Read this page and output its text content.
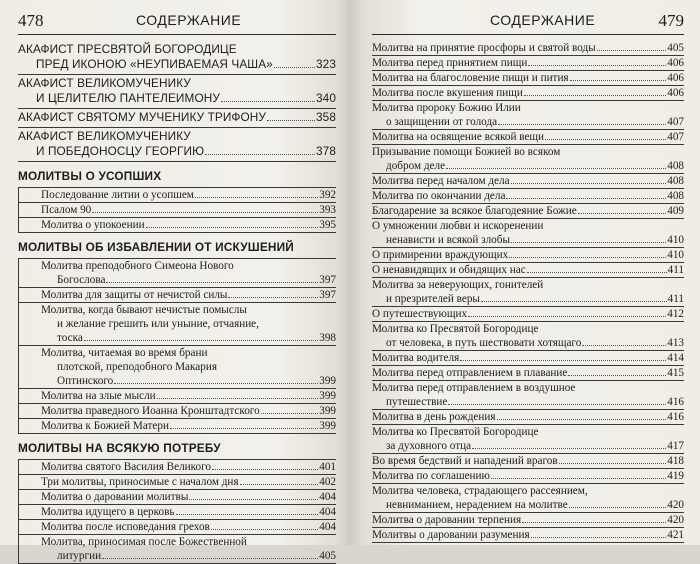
478	СОДЕРЖАНИЕ
АКАФИСТ ПРЕСВЯТОЙ БОГОРОДИЦЕ
ПРЕД ИКОНОЮ «НЕУПИВАЕМАЯ ЧАША»	323
АКАФИСТ ВЕЛИКОМУЧЕНИКУ
И ЦЕЛИТЕЛЮ ПАНТЕЛЕИМОНУ	340
АКАФИСТ СВЯТОМУ МУЧЕНИКУ ТРИФОНУ	358
АКАФИСТ ВЕЛИКОМУЧЕНИКУ
И ПОБЕДОНОСЦУ ГЕОРГИЮ	378
МОЛИТВЫ О УСОПШИХ
Последование литии о усопшем	392
Псалом 90	393
Молитва о упокоении	395
МОЛИТВЫ ОБ ИЗБАВЛЕНИИ ОТ ИСКУШЕНИЙ
Молитва преподобного Симеона Нового
Богослова	397
Молитва для защиты от нечистой силы	397
Молитва, когда бывают нечистые помыслы
и желание грешить или уныние, отчаяние,
тоска	398
Молитва, читаемая во время брани
плотской, преподобного Макария
Оптинского	399
Молитва на злые мысли	399
Молитва праведного Иоанна Кронштадтского	399
Молитва к Божией Матери	399
МОЛИТВЫ НА ВСЯКУЮ ПОТРЕБУ
Молитва святого Василия Великого	401
Три молитвы, приносимые с началом дня	402
Молитва о даровании молитвы	404
Молитва идущего в церковь	404
Молитва после исповедания грехов	404
Молитва, приносимая после Божественной
литургии	405
СОДЕРЖАНИЕ	479
Молитва на принятие просфоры и святой воды	405
Молитва перед принятием пищи	406
Молитва на благословение пищи и пития	406
Молитва после вкушения пищи	406
Молитва пророку Божию Илии
о защищении от голода	407
Молитва на освящение всякой вещи	407
Призывание помощи Божией во всяком
добром деле	408
Молитва перед началом дела	408
Молитва по окончании дела	408
Благодарение за всякое благодеяние Божие	409
О умножении любви и искоренении
ненависти и всякой злобы	410
О примирении враждующих	410
О ненавидящих и обидящих нас	411
Молитва за неверующих, гонителей
и презрителей веры	411
О путешествующих	412
Молитва ко Пресвятой Богородице
от человека, в путь шествовати хотящаго	413
Молитва водителя	414
Молитва перед отправлением в плавание	415
Молитва перед отправлением в воздушное
путешествие	416
Молитва в день рождения	416
Молитва ко Пресвятой Богородице
за духовного отца	417
Во время бедствий и нападений врагов	418
Молитва по соглашению	419
Молитва человека, страдающего рассеянием,
невниманием, нерадением на молитве	420
Молитва о даровании терпения	420
Молитвы о даровании разумения	421
